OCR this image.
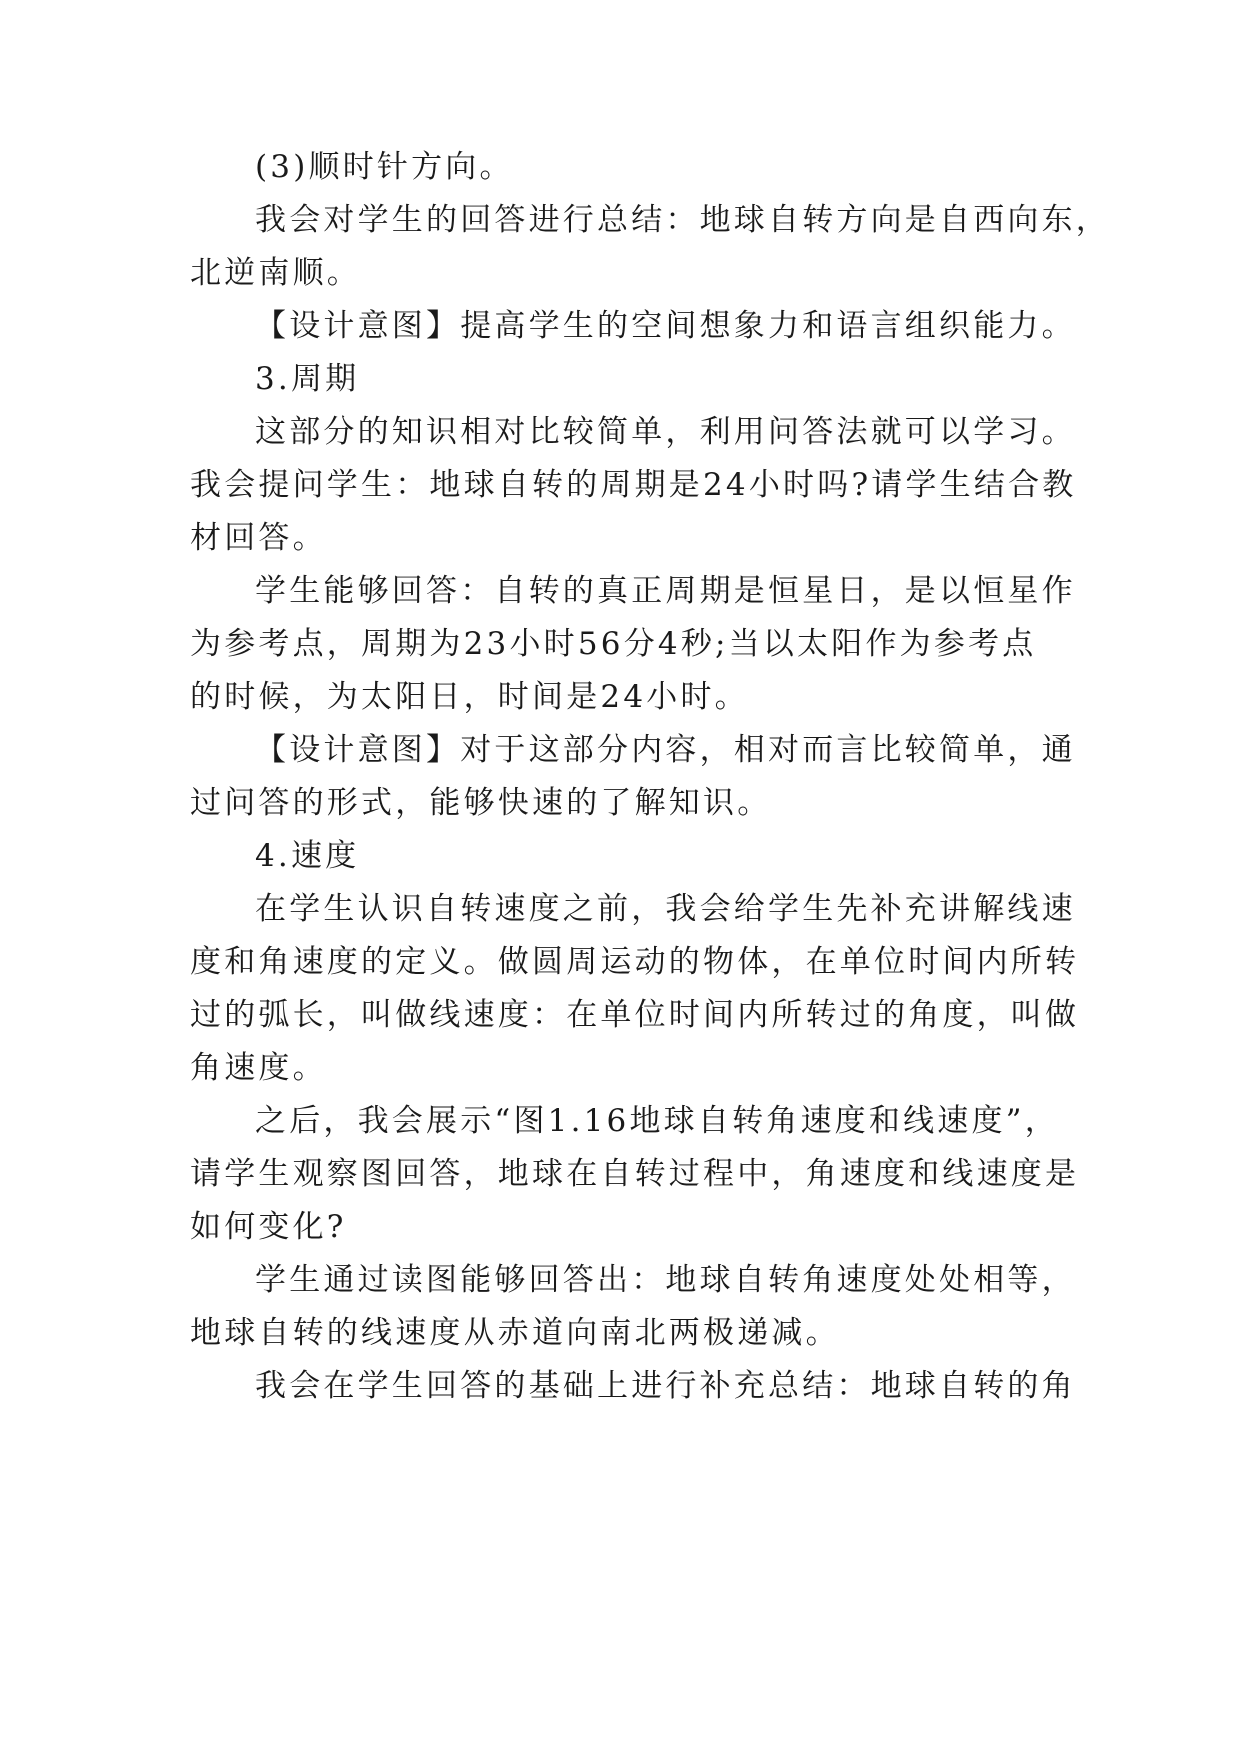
(3)顺时针方向。
我会对学生的回答进行总结：地球自转方向是自西向东，
北逆南顺。
【设计意图】提高学生的空间想象力和语言组织能力。
3.周期
这部分的知识相对比较简单，利用问答法就可以学习。
我会提问学生：地球自转的周期是24小时吗?请学生结合教
材回答。
学生能够回答：自转的真正周期是恒星日，是以恒星作
为参考点，周期为23小时56分4秒;当以太阳作为参考点
的时候，为太阳日，时间是24小时。
【设计意图】对于这部分内容，相对而言比较简单，通
过问答的形式，能够快速的了解知识。
4.速度
在学生认识自转速度之前，我会给学生先补充讲解线速
度和角速度的定义。做圆周运动的物体，在单位时间内所转
过的弧长，叫做线速度：在单位时间内所转过的角度，叫做
角速度。
之后，我会展示“图1.16地球自转角速度和线速度”，
请学生观察图回答，地球在自转过程中，角速度和线速度是
如何变化?
学生通过读图能够回答出：地球自转角速度处处相等，
地球自转的线速度从赤道向南北两极递减。
我会在学生回答的基础上进行补充总结：地球自转的角
